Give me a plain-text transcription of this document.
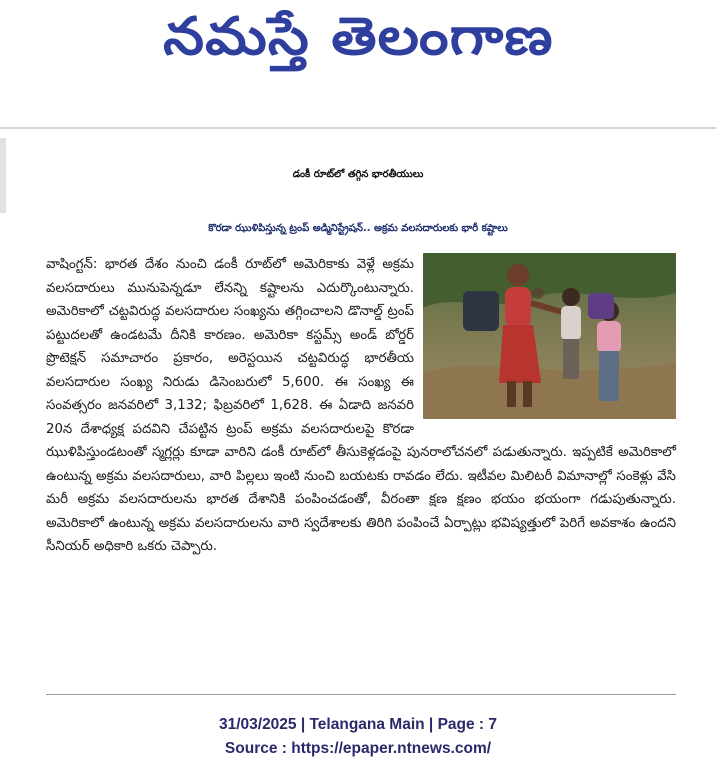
నమస్తే తెలంగాణ
డంకీ రూట్‌లో తగ్గిన భారతీయులు
కొరడా ఝుళిపిస్తున్న ట్రంప్ అడ్మినిస్ట్రేషన్.. అక్రమ వలసదారులకు భారీ కష్టాలు

వాషింగ్టన్: భారత దేశం నుంచి డంకీ రూట్‌లో అమెరికాకు వెళ్లే అక్రమ వలసదారులు మునుపెన్నడూ లేనన్ని కష్టాలను ఎదుర్కొంటున్నారు. అమెరికాలో చట్టవిరుద్ధ వలసదారుల సంఖ్యను తగ్గించాలని డొనాల్డ్ ట్రంప్ పట్టుదలతో ఉండటమే దీనికి కారణం. అమెరికా కస్టమ్స్ అండ్ బోర్డర్ ప్రొటెక్షన్ సమాచారం ప్రకారం, అరెస్టయిన చట్టవిరుద్ధ భారతీయ వలసదారుల సంఖ్య నిరుడు డిసెంబరులో 5,600. ఈ సంఖ్య ఈ సంవత్సరం జనవరిలో 3,132; ఫిబ్రవరిలో 1,628. ఈ ఏడాది జనవరి 20న దేశాధ్యక్ష పదవిని చేపట్టిన ట్రంప్ అక్రమ వలసదారులపై కొరడా ఝుళిపిస్తుండటంతో స్మగ్లర్లు కూడా వారిని డంకీ రూట్‌లో తీసుకెళ్లడంపై పునరాలోచనలో పడుతున్నారు. ఇప్పటికే అమెరికాలో ఉంటున్న అక్రమ వలసదారులు, వారి పిల్లలు ఇంటి నుంచి బయటకు రావడం లేదు. ఇటీవల మిలిటరీ విమానాల్లో సంకెళ్లు వేసి మరీ అక్రమ వలసదారులను భారత దేశానికి పంపించడంతో, వీరంతా క్షణ క్షణం భయం భయంగా గడుపుతున్నారు. అమెరికాలో ఉంటున్న అక్రమ వలసదారులను వారి స్వదేశాలకు తిరిగి పంపించే ఏర్పాట్లు భవిష్యత్తులో పెరిగే అవకాశం ఉందని సీనియర్ అధికారి ఒకరు చెప్పారు.

31/03/2025 | Telangana Main | Page : 7
Source : https://epaper.ntnews.com/
